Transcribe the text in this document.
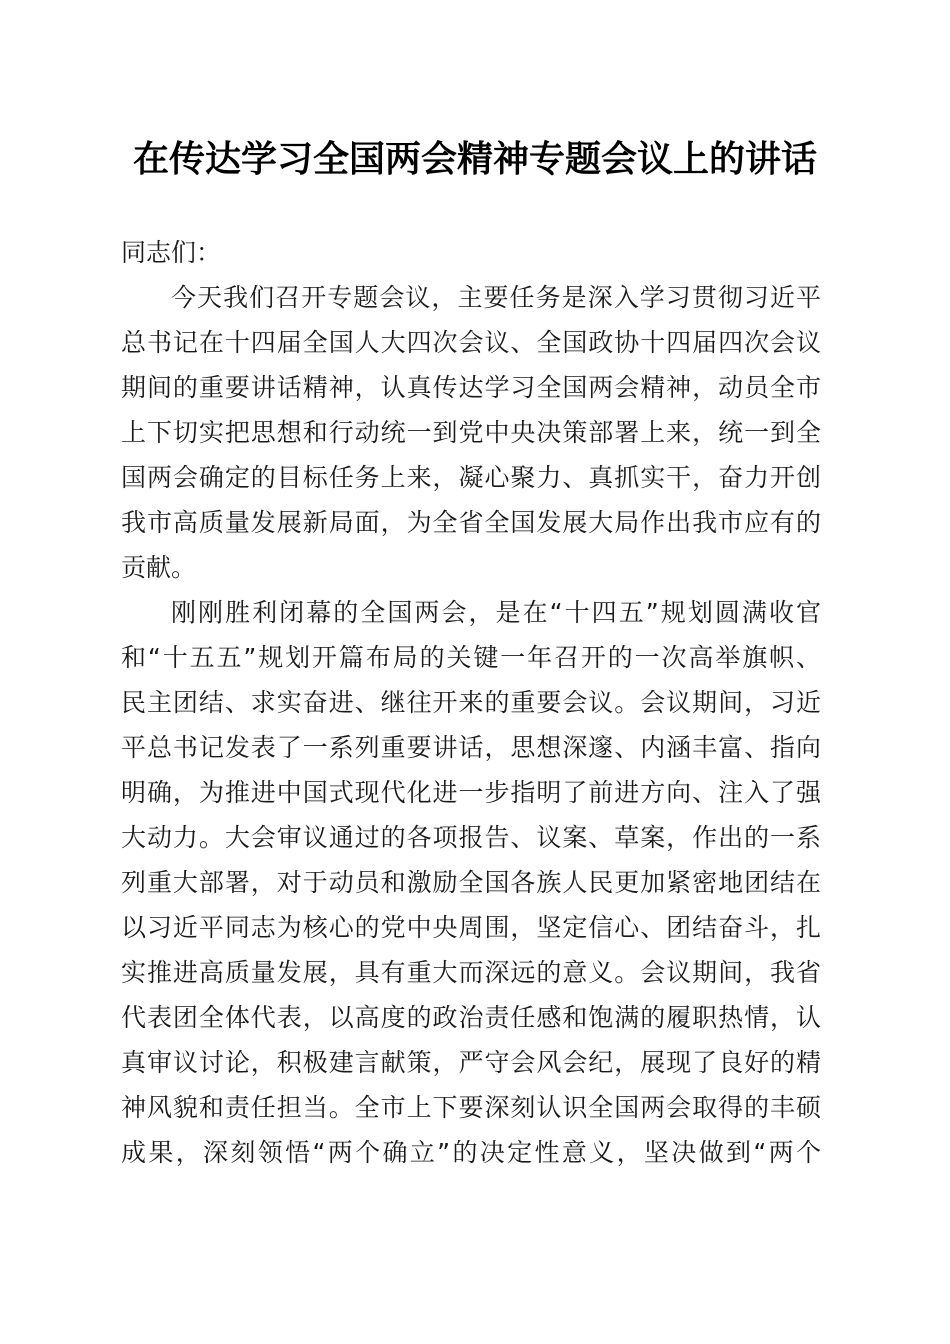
在传达学习全国两会精神专题会议上的讲话
同志们：
今天我们召开专题会议，主要任务是深入学习贯彻习近平
总书记在十四届全国人大四次会议、全国政协十四届四次会议
期间的重要讲话精神，认真传达学习全国两会精神，动员全市
上下切实把思想和行动统一到党中央决策部署上来，统一到全
国两会确定的目标任务上来，凝心聚力、真抓实干，奋力开创
我市高质量发展新局面，为全省全国发展大局作出我市应有的
贡献。
刚刚胜利闭幕的全国两会，是在“十四五”规划圆满收官
和“十五五”规划开篇布局的关键一年召开的一次高举旗帜、
民主团结、求实奋进、继往开来的重要会议。会议期间，习近
平总书记发表了一系列重要讲话，思想深邃、内涵丰富、指向
明确，为推进中国式现代化进一步指明了前进方向、注入了强
大动力。大会审议通过的各项报告、议案、草案，作出的一系
列重大部署，对于动员和激励全国各族人民更加紧密地团结在
以习近平同志为核心的党中央周围，坚定信心、团结奋斗，扎
实推进高质量发展，具有重大而深远的意义。会议期间，我省
代表团全体代表，以高度的政治责任感和饱满的履职热情，认
真审议讨论，积极建言献策，严守会风会纪，展现了良好的精
神风貌和责任担当。全市上下要深刻认识全国两会取得的丰硕
成果，深刻领悟“两个确立”的决定性意义，坚决做到“两个
